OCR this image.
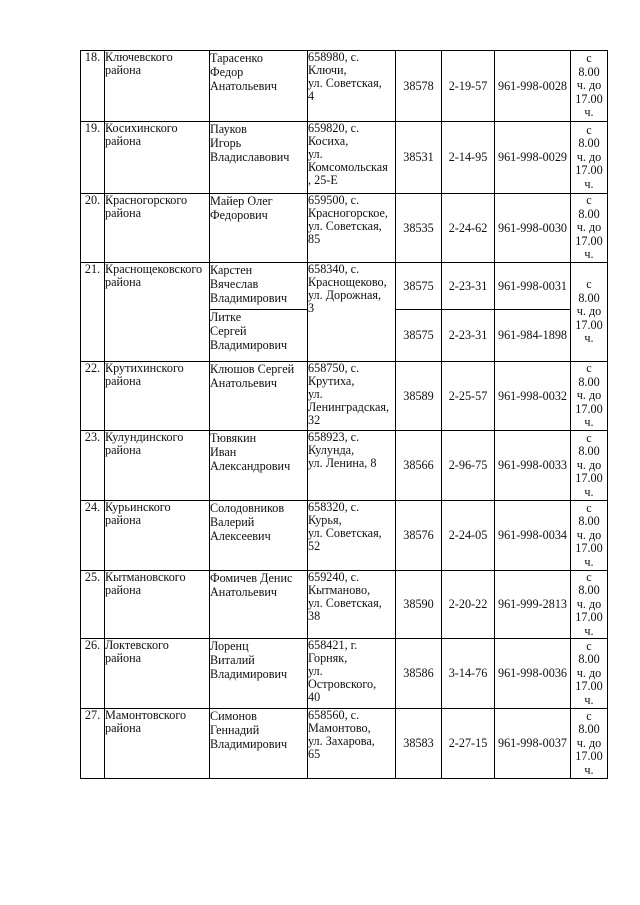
18.	Ключевского
района	Тарасенко
Федор
Анатольевич	658980, с.
Ключи,
ул. Советская,
4	38578	2-19-57	961-998-0028	с
8.00
ч. до
17.00
ч.
19.	Косихинского
района	Пауков
Игорь
Владиславович	659820, с.
Косиха,
ул.
Комсомольская
, 25-Е	38531	2-14-95	961-998-0029	с
8.00
ч. до
17.00
ч.
20.	Красногорского
района	Майер Олег
Федорович	659500, с.
Красногорское,
ул. Советская,
85	38535	2-24-62	961-998-0030	с
8.00
ч. до
17.00
ч.
21.	Краснощековского
района	Карстен
Вячеслав
Владимирович	658340, с.
Краснощеково,
ул. Дорожная,
3	38575	2-23-31	961-998-0031	с
8.00
ч. до
17.00
ч.
		Литке
Сергей
Владимирович		38575	2-23-31	961-984-1898	
22.	Крутихинского
района	Клюшов Сергей
Анатольевич	658750, с.
Крутиха,
ул.
Ленинградская,
32	38589	2-25-57	961-998-0032	с
8.00
ч. до
17.00
ч.
23.	Кулундинского
района	Тювякин
Иван
Александрович	658923, с.
Кулунда,
ул. Ленина, 8	38566	2-96-75	961-998-0033	с
8.00
ч. до
17.00
ч.
24.	Курьинского
района	Солодовников
Валерий
Алексеевич	658320, с.
Курья,
ул. Советская,
52	38576	2-24-05	961-998-0034	с
8.00
ч. до
17.00
ч.
25.	Кытмановского
района	Фомичев Денис
Анатольевич	659240, с.
Кытманово,
ул. Советская,
38	38590	2-20-22	961-999-2813	с
8.00
ч. до
17.00
ч.
26.	Локтевского
района	Лоренц
Виталий
Владимирович	658421, г.
Горняк,
ул.
Островского,
40	38586	3-14-76	961-998-0036	с
8.00
ч. до
17.00
ч.
27.	Мамонтовского
района	Симонов
Геннадий
Владимирович	658560, с.
Мамонтово,
ул. Захарова,
65	38583	2-27-15	961-998-0037	с
8.00
ч. до
17.00
ч.
